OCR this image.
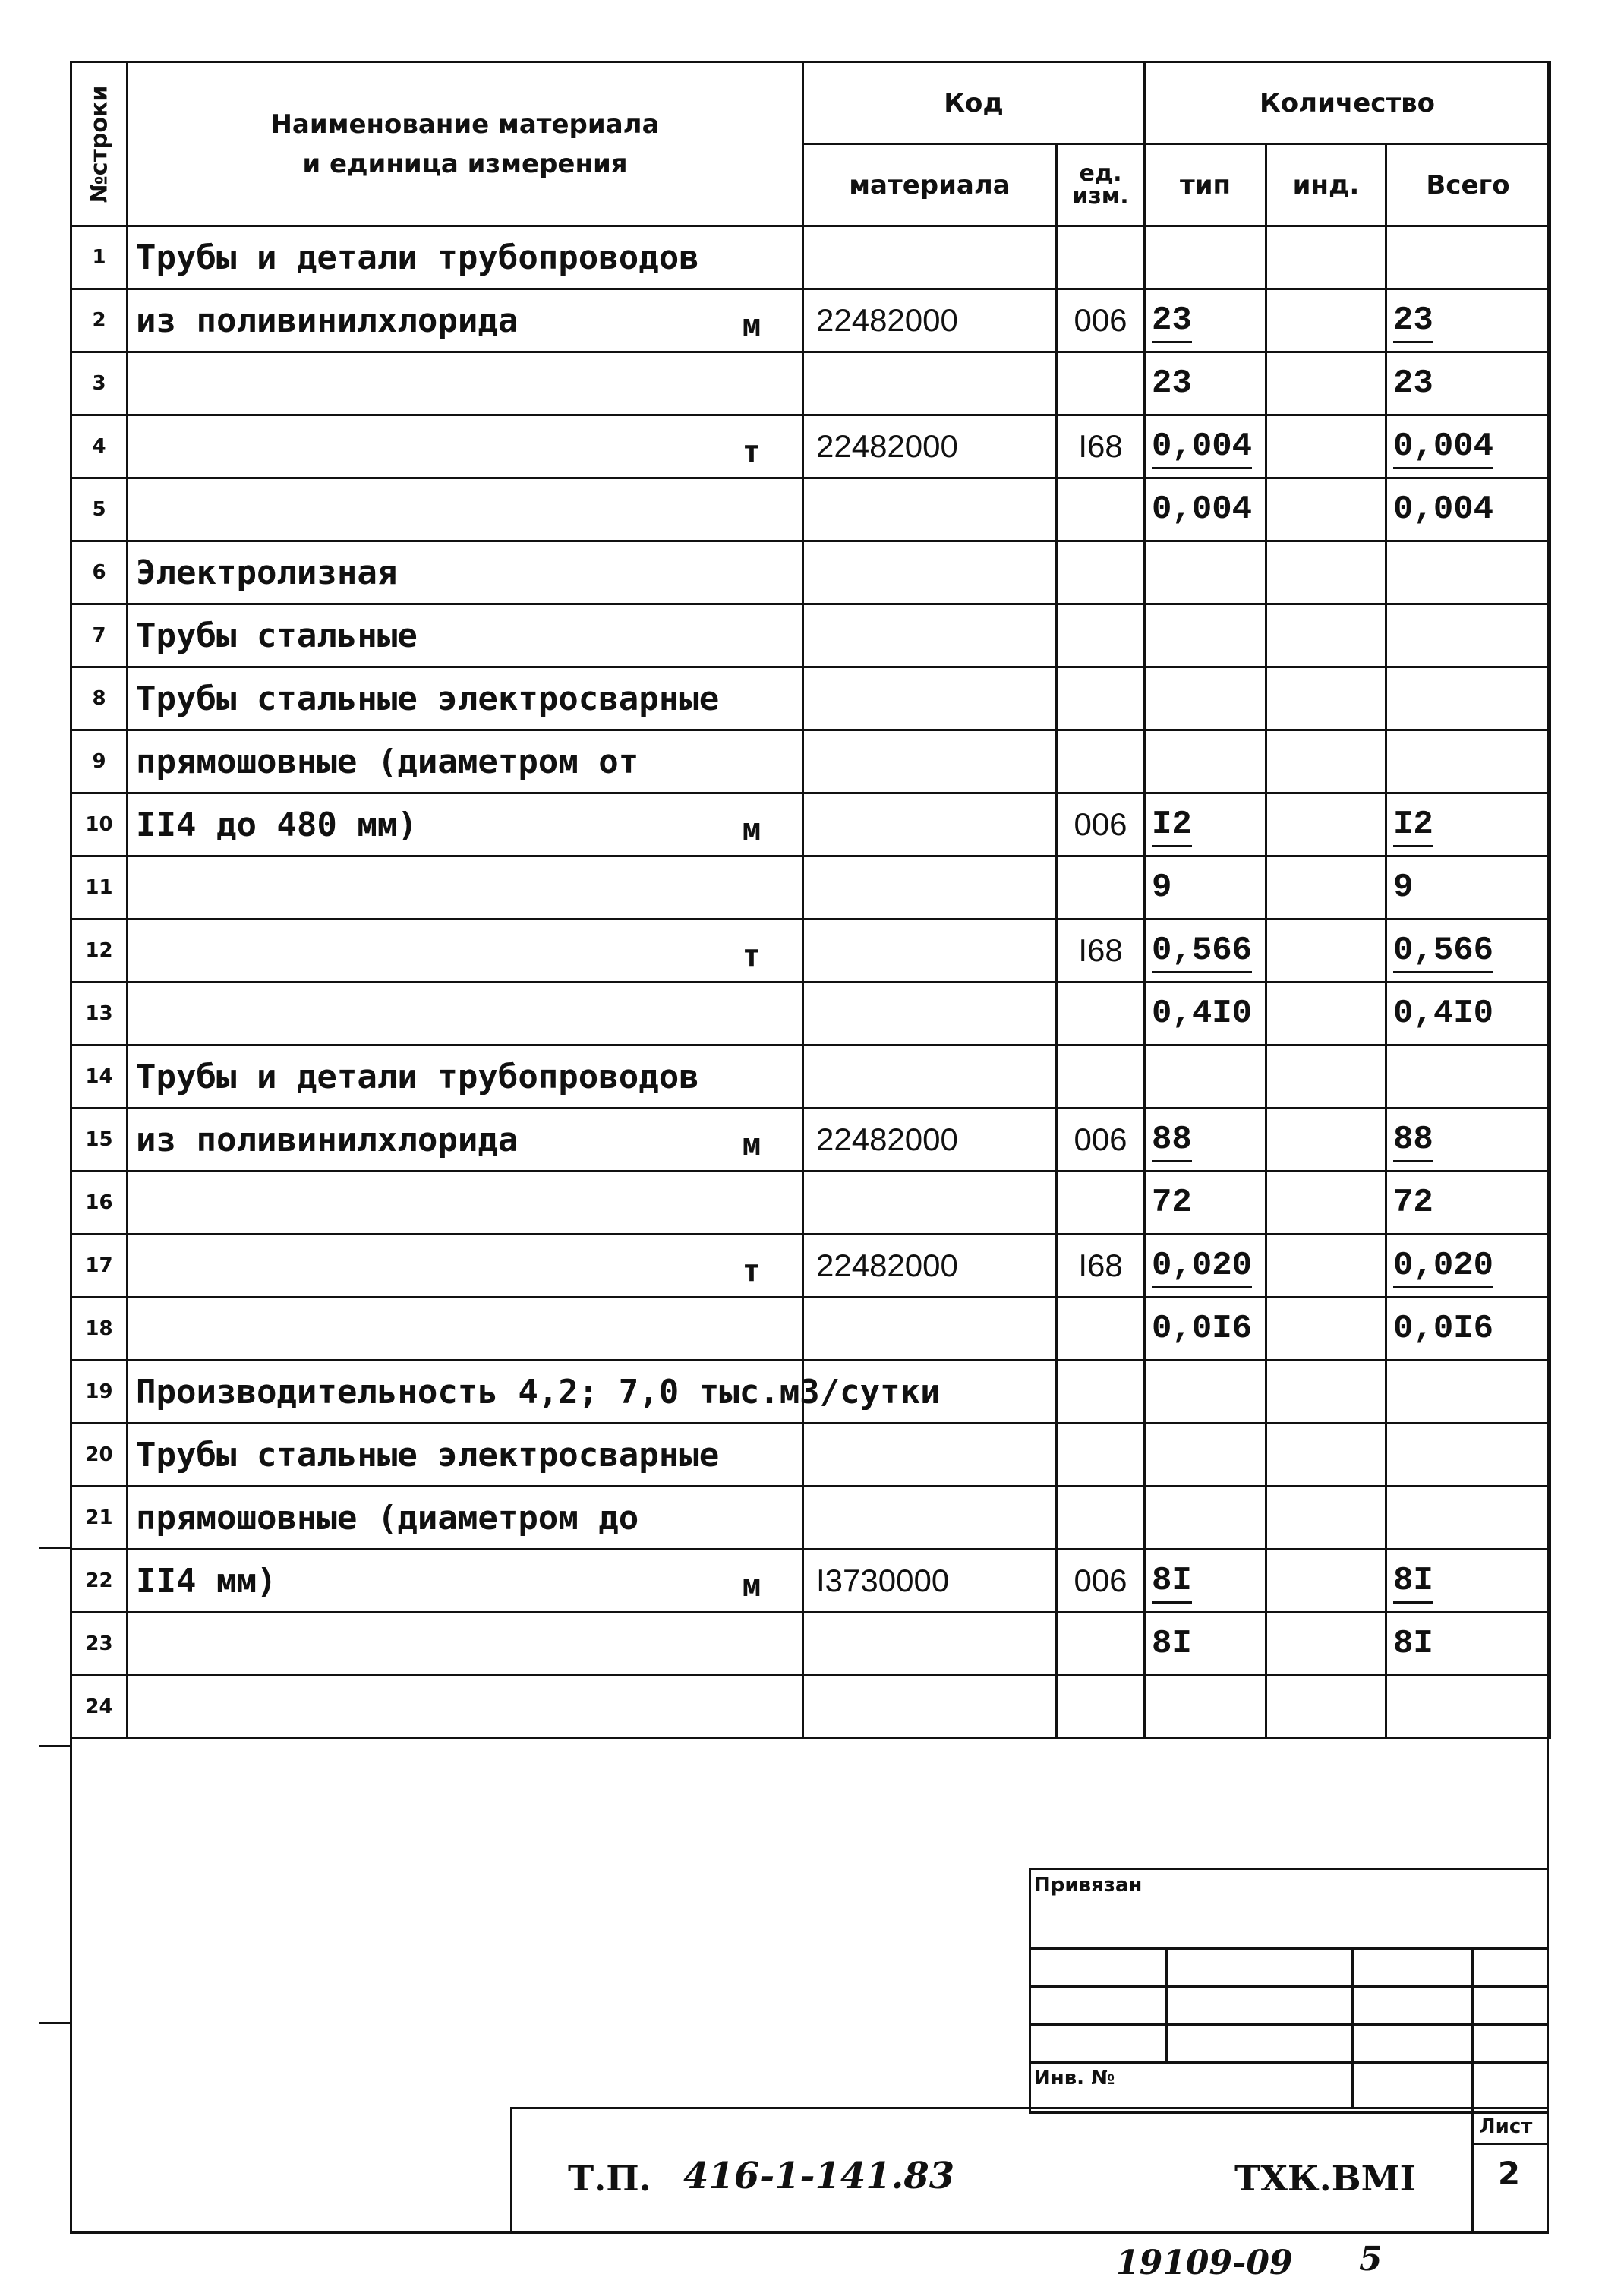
№строки	Наименование материала
и единица измерения	Код		Количество		
		материала	ед. изм.	тип	инд.	Всего
1	Трубы и детали трубопроводов

2	из поливинилхлорида м	22482000	006	23		23
3				23		23
4	т	22482000	I68	0,004		0,004
5				0,004		0,004
6	Электролизная

7	Трубы стальные

8	Трубы стальные электросварные

9	прямошовные (диаметром от

10	II4 до 480 мм) м		006	I2		I2
11				9		9
12	т		I68	0,566		0,566
13				0,4I0		0,4I0
14	Трубы и детали трубопроводов

15	из поливинилхлорида м	22482000	006	88		88
16				72		72
17	т	22482000	I68	0,020		0,020
18				0,0I6		0,0I6
19	Производительность 4,2; 7,0 тыс.м3/сутки

20	Трубы стальные электросварные

21	прямошовные (диаметром до

22	II4 мм) м	I3730000	006	8I		8I
23				8I		8I
24	

Привязан
Инв. №
Лист
2
Т.П. 416-1-141.83	ТХК.ВМI
19109-09 5
